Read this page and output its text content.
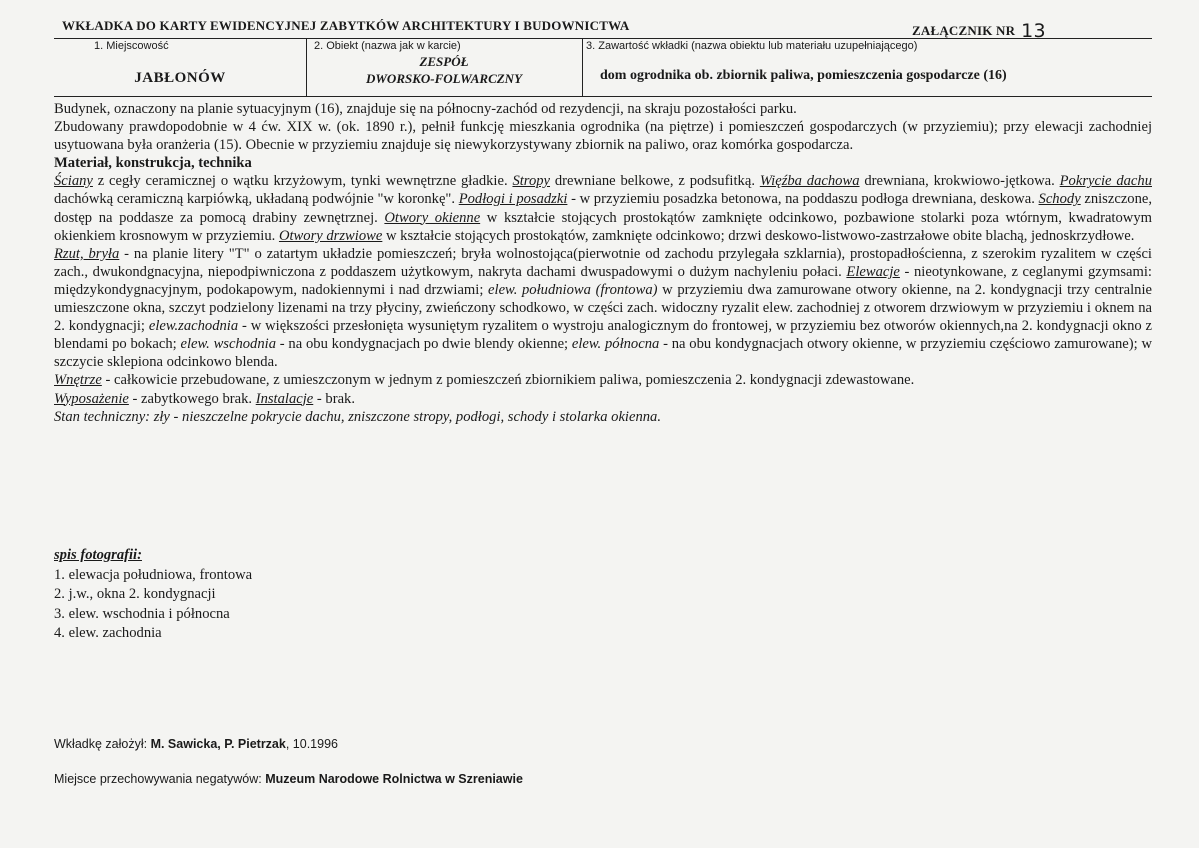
WKŁADKA DO KARTY EWIDENCYJNEJ ZABYTKÓW ARCHITEKTURY I BUDOWNICTWA	ZAŁĄCZNIK NR 13
1. Miejscowość
JABŁONÓW
2. Obiekt (nazwa jak w karcie)
ZESPÓŁ
DWORSKO-FOLWARCZNY
3. Zawartość wkładki (nazwa obiektu lub materiału uzupełniającego)
dom ogrodnika ob. zbiornik paliwa, pomieszczenia gospodarcze (16)

Budynek, oznaczony na planie sytuacyjnym (16), znajduje się na północny-zachód od rezydencji, na skraju pozostałości parku.

Zbudowany prawdopodobnie w 4 ćw. XIX w. (ok. 1890 r.), pełnił funkcję mieszkania ogrodnika (na piętrze) i pomieszczeń gospodarczych (w przyziemiu); przy elewacji zachodniej usytuowana była oranżeria (15). Obecnie w przyziemiu znajduje się niewykorzystywany zbiornik na paliwo, oraz komórka gospodarcza.

Materiał, konstrukcja, technika

Ściany z cegły ceramicznej o wątku krzyżowym, tynki wewnętrzne gładkie. Stropy drewniane belkowe, z podsufitką. Więźba dachowa drewniana, krokwiowo-jętkowa. Pokrycie dachu dachówką ceramiczną karpiówką, układaną podwójnie "w koronkę". Podłogi i posadzki - w przyziemiu posadzka betonowa, na poddaszu podłoga drewniana, deskowa. Schody zniszczone, dostęp na poddasze za pomocą drabiny zewnętrznej. Otwory okienne w kształcie stojących prostokątów zamknięte odcinkowo, pozbawione stolarki poza wtórnym, kwadratowym okienkiem krosnowym w przyziemiu. Otwory drzwiowe w kształcie stojących prostokątów, zamknięte odcinkowo; drzwi deskowo-listwowo-zastrzałowe obite blachą, jednoskrzydłowe.

Rzut, bryła - na planie litery "T" o zatartym układzie pomieszczeń; bryła wolnostojąca(pierwotnie od zachodu przylegała szklarnia), prostopadłościenna, z szerokim ryzalitem w części zach., dwukondgnacyjna, niepodpiwniczona z poddaszem użytkowym, nakryta dachami dwuspadowymi o dużym nachyleniu połaci. Elewacje - nieotynkowane, z ceglanymi gzymsami: międzykondygnacyjnym, podokapowym, nadokiennymi i nad drzwiami; elew. południowa (frontowa) w przyziemiu dwa zamurowane otwory okienne, na 2. kondygnacji trzy centralnie umieszczone okna, szczyt podzielony lizenami na trzy płyciny, zwieńczony schodkowo, w części zach. widoczny ryzalit elew. zachodniej z otworem drzwiowym w przyziemiu i oknem na 2. kondygnacji; elew.zachodnia - w większości przesłonięta wysuniętym ryzalitem o wystroju analogicznym do frontowej, w przyziemiu bez otworów okiennych,na 2. kondygnacji okno z blendami po bokach; elew. wschodnia - na obu kondygnacjach po dwie blendy okienne; elew. północna - na obu kondygnacjach otwory okienne, w przyziemiu częściowo zamurowane); w szczycie sklepiona odcinkowo blenda.

Wnętrze - całkowicie przebudowane, z umieszczonym w jednym z pomieszczeń zbiornikiem paliwa, pomieszczenia 2. kondygnacji zdewastowane.

Wyposażenie - zabytkowego brak. Instalacje - brak.

Stan techniczny: zły - nieszczelne pokrycie dachu, zniszczone stropy, podłogi, schody i stolarka okienna.

spis fotografii:
1. elewacja południowa, frontowa
2. j.w., okna 2. kondygnacji
3. elew. wschodnia i północna
4. elew. zachodnia
Wkładkę założył: M. Sawicka, P. Pietrzak, 10.1996
Miejsce przechowywania negatywów: Muzeum Narodowe Rolnictwa w Szreniawie
